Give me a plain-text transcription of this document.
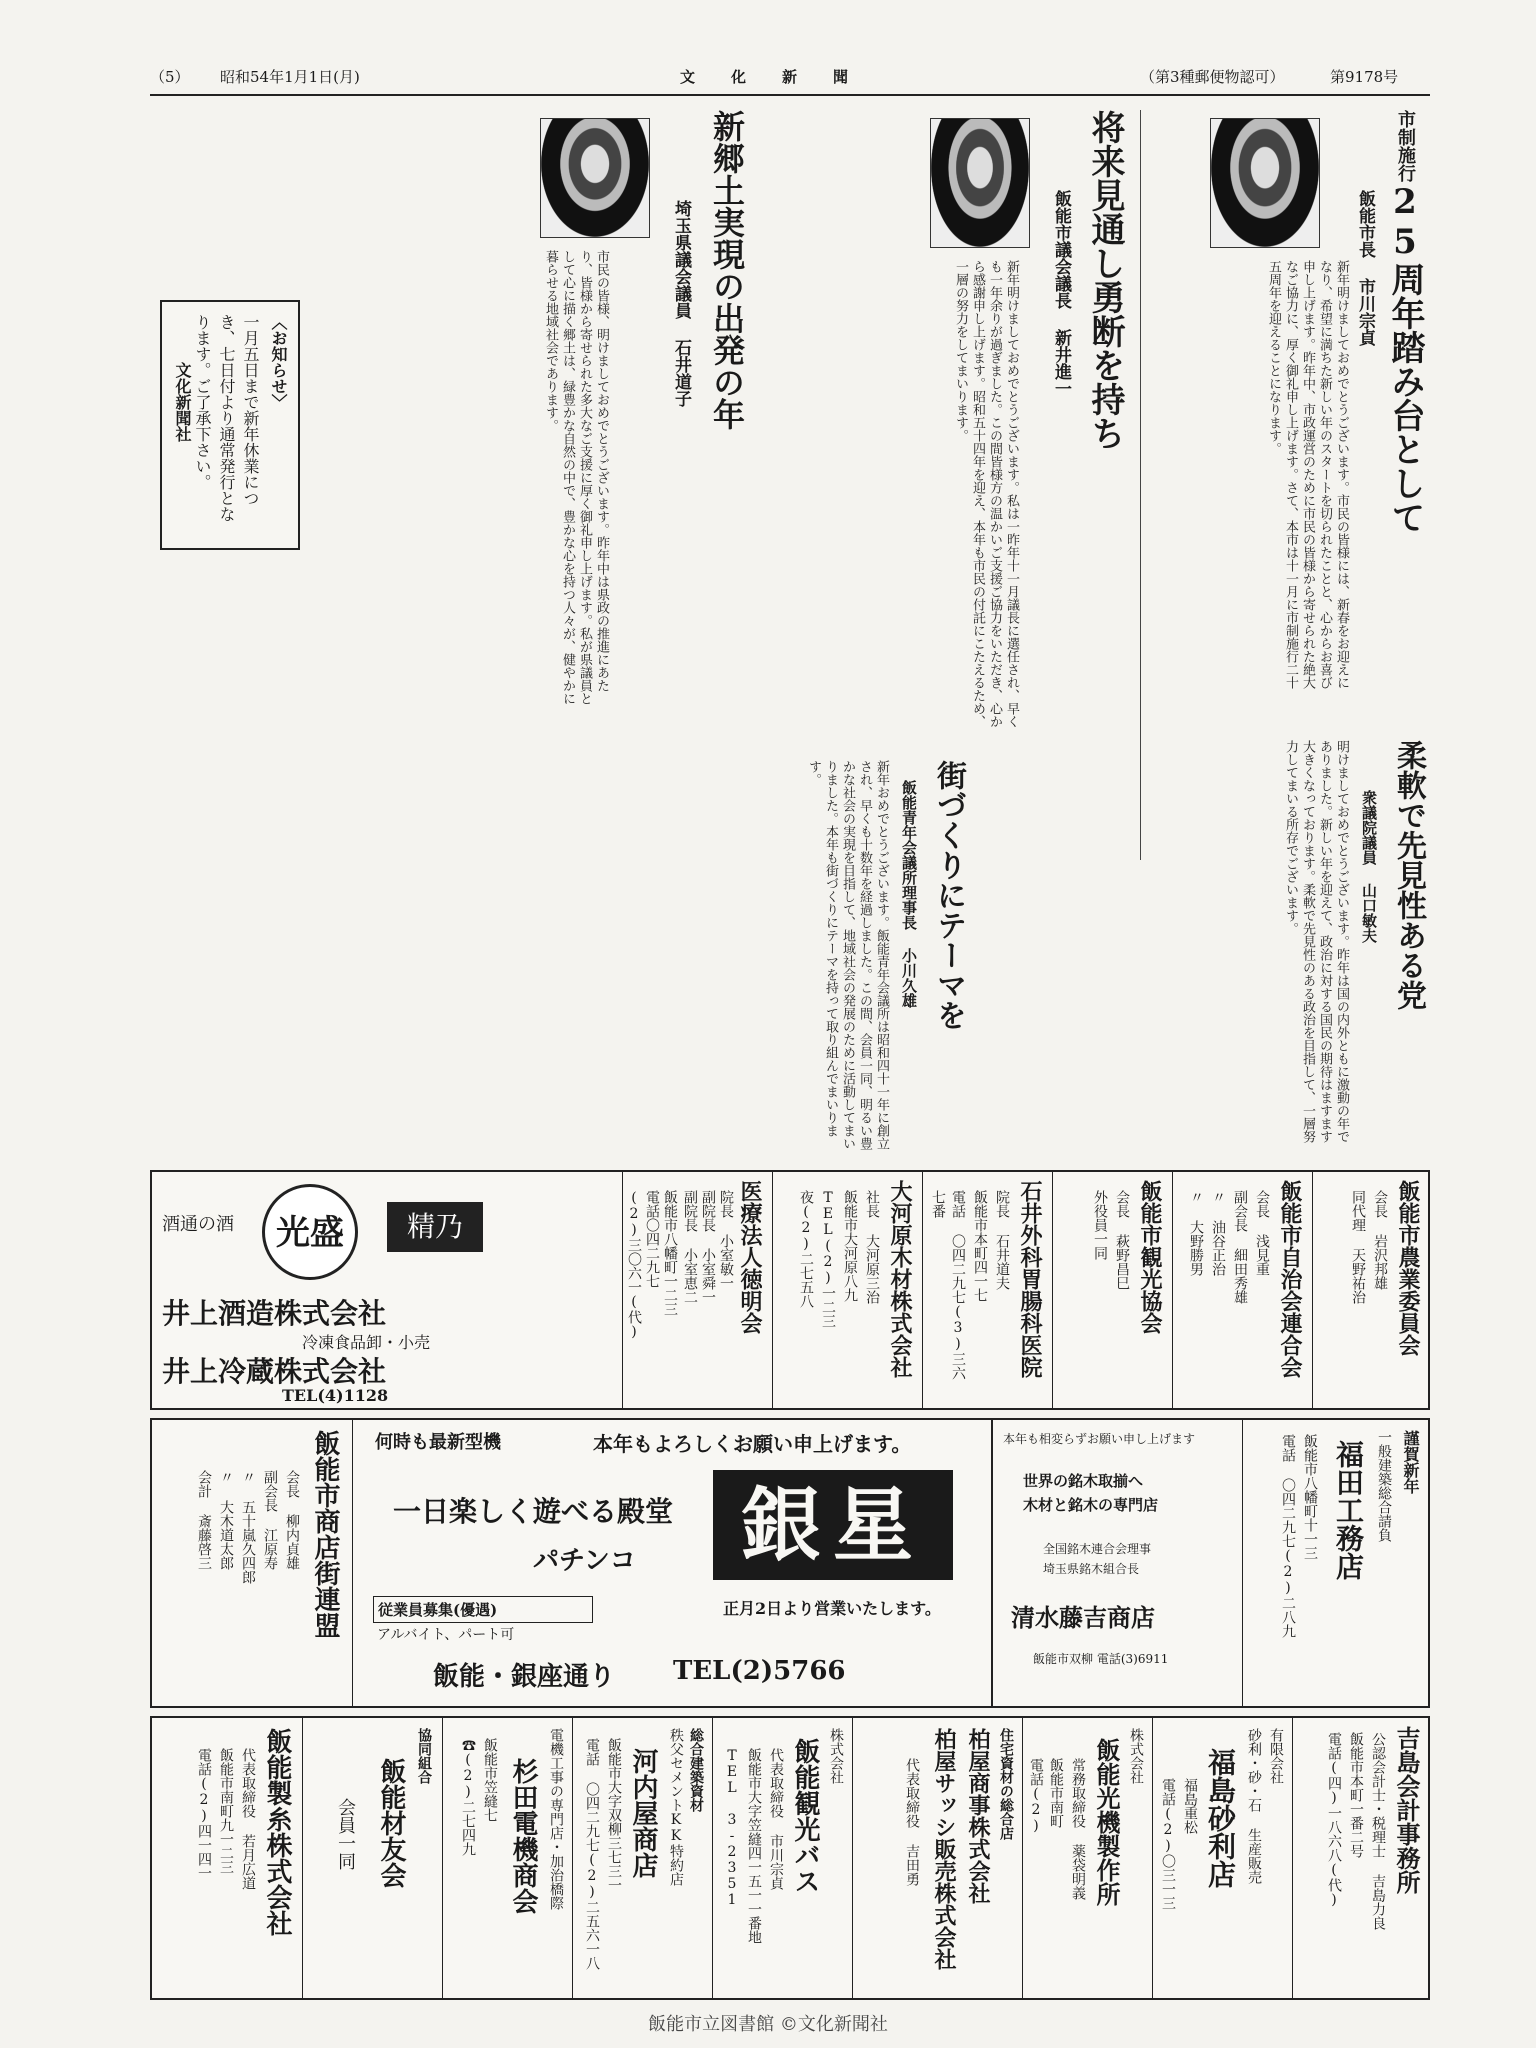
（5） 昭和54年1月1日(月)	文化新聞	（第3種郵便物認可）	第9178号
市制施行25周年踏み台として
飯能市長 市川宗貞
新年明けましておめでとうございます。市民の皆様には、新春をお迎えになり、希望に満ちた新しい年のスタートを切られたことと、心からお喜び申し上げます。昨年中、市政運営のために市民の皆様から寄せられた絶大なご協力に、厚く御礼申し上げます。さて、本市は十一月に市制施行二十五周年を迎えることになります。
将来見通し勇断を持ち
飯能市議会議長 新井進一
新年明けましておめでとうございます。私は一昨年十一月議長に選任され、早くも一年余りが過ぎました。この間皆様方の温かいご支援ご協力をいただき、心から感謝申し上げます。昭和五十四年を迎え、本年も市民の付託にこたえるため、一層の努力をしてまいります。
新郷土実現の出発の年
埼玉県議会議員 石井道子
市民の皆様、明けましておめでとうございます。昨年中は県政の推進にあたり、皆様から寄せられた多大なご支援に厚く御礼申し上げます。私が県議員として心に描く郷土は、緑豊かな自然の中で、豊かな心を持つ人々が、健やかに暮らせる地域社会であります。
〈お知らせ〉
一月五日まで新年休業につき、七日付より通常発行となります。ご了承下さい。
文化新聞社
柔軟で先見性ある党
衆議院議員 山口敏夫
明けましておめでとうございます。昨年は国の内外ともに激動の年でありました。新しい年を迎えて、政治に対する国民の期待はますます大きくなっております。柔軟で先見性のある政治を目指して、一層努力してまいる所存でございます。
街づくりにテーマを
飯能青年会議所理事長 小川久雄
新年おめでとうございます。飯能青年会議所は昭和四十一年に創立され、早くも十数年を経過しました。この間、会員一同、明るい豊かな社会の実現を目指して、地域社会の発展のために活動してまいりました。本年も街づくりにテーマを持って取り組んでまいります。
飯能市農業委員会
会長 岩沢邦雄
同代理 天野祐治
飯能市自治会連合会
会長 浅見重
副会長 細田秀雄
〃 油谷正治
〃 大野勝男
飯能市観光協会
会長 萩野昌巳
外役員一同
石井外科胃腸科医院
院長 石井道夫
飯能市本町四一七
電話 〇四二九七(3)三六七番
大河原木材株式会社
社長 大河原三治
飯能市大河原八九
TEL(2)一二三
夜(2)二七五八
医療法人徳明会
院長 小室敏一
副院長 小室舜一
副院長 小室恵二
飯能市八幡町一二三
電話〇四二九七
(2)三〇六一(代)
酒通の酒	光盛	精乃
井上酒造株式会社
冷凍食品卸・小売
井上冷蔵株式会社
TEL(4)1128
謹賀新年
一般建築総合請負
福田工務店
飯能市八幡町十一三
電話 〇四二九七(2)二八九
本年も相変らずお願い申し上げます
世界の銘木取揃へ
木材と銘木の専門店
全国銘木連合会理事
埼玉県銘木組合長
清水藤吉商店
飯能市双柳 電話(3)6911
何時も最新型機	本年もよろしくお願い申上げます。
一日楽しく遊べる殿堂
パチンコ	銀星
従業員募集(優遇)
アルバイト、パート可
正月2日より営業いたします。
飯能・銀座通り TEL(2)5766
飯能市商店街連盟
会長 柳内貞雄
副会長 江原寿
〃 五十嵐久四郎
〃 大木道太郎
会計 斎藤啓三
吉島会計事務所
公認会計士・税理士 吉島力良
飯能市本町一番二号
電話(四)一八六八(代)
有限会社
砂利・砂・石 生産販売
福島砂利店
福島重松
電話(2)〇三一三
株式会社
飯能光機製作所
常務取締役 薬袋明義
飯能市南町
電話(2)
住宅資材の総合店
柏屋商事株式会社
柏屋サッシ販売株式会社
代表取締役 吉田勇
株式会社
飯能観光バス
代表取締役 市川宗貞
飯能市大字笠縫四一五一一番地
TEL 3-2351
総合建築資材
秩父セメントKK特約店
河内屋商店
飯能市大字双柳三七三一
電話 〇四二九七(2)二五六一八
電機工事の専門店・加治橋際
杉田電機商会
飯能市笠縫七
☎(2)二七四九
協同組合
飯能材友会
会員一同
飯能製糸株式会社
代表取締役 若月広道
飯能市南町九一二三
電話(2)四一四一
飯能市立図書館 ©文化新聞社
